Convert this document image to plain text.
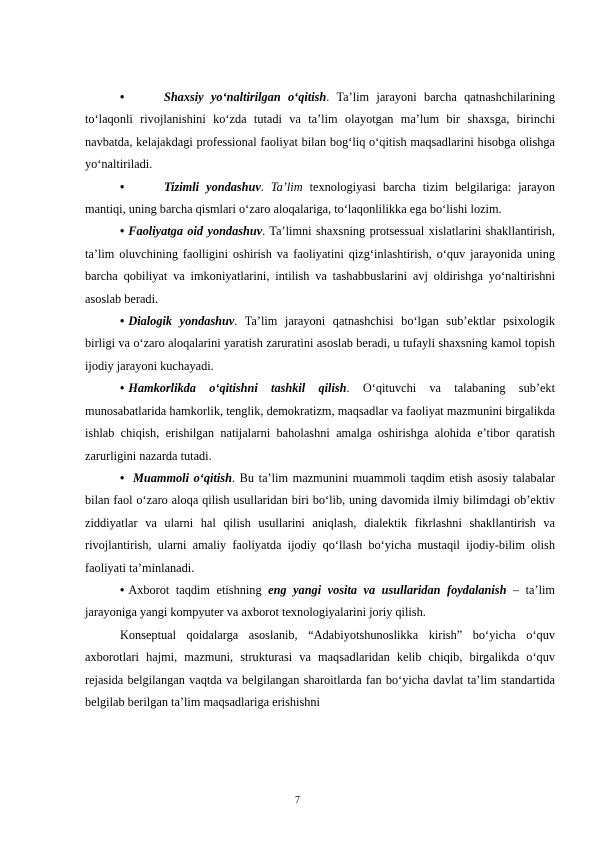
•	Shaxsiy yo‘naltirilgan o‘qitish. Ta’lim jarayoni barcha qatnashchilarining to‘laqonli rivojlanishini ko‘zda tutadi va ta’lim olayotgan ma’lum bir shaxsga, birinchi navbatda, kelajakdagi professional faoliyat bilan bog‘liq o‘qitish maqsadlarini hisobga olishga yo‘naltiriladi.

•	Tizimli yondashuv. Ta’lim texnologiyasi barcha tizim belgilariga: jarayon mantiqi, uning barcha qismlari o‘zaro aloqalariga, to‘laqonlilikka ega bo‘lishi lozim.

• Faoliyatga oid yondashuv. Ta’limni shaxsning protsessual xislatlarini shakllantirish, ta’lim oluvchining faolligini oshirish va faoliyatini qizg‘inlashtirish, o‘quv jarayonida uning barcha qobiliyat va imkoniyatlarini, intilish va tashabbuslarini avj oldirishga yo‘naltirishni asoslab beradi.

• Dialogik yondashuv. Ta’lim jarayoni qatnashchisi bo‘lgan sub’ektlar psixologik birligi va o‘zaro aloqalarini yaratish zaruratini asoslab beradi, u tufayli shaxsning kamol topish ijodiy jarayoni kuchayadi.

• Hamkorlikda o‘qitishni tashkil qilish. O‘qituvchi va talabaning sub’ekt munosabatlarida hamkorlik, tenglik, demokratizm, maqsadlar va faoliyat mazmunini birgalikda ishlab chiqish, erishilgan natijalarni baholashni amalga oshirishga alohida e’tibor qaratish zarurligini nazarda tutadi.

• Muammoli o‘qitish. Bu ta’lim mazmunini muammoli taqdim etish asosiy talabalar bilan faol o‘zaro aloqa qilish usullaridan biri bo‘lib, uning davomida ilmiy bilimdagi ob’ektiv ziddiyatlar va ularni hal qilish usullarini aniqlash, dialektik fikrlashni shakllantirish va rivojlantirish, ularni amaliy faoliyatda ijodiy qo‘llash bo‘yicha mustaqil ijodiy-bilim olish faoliyati ta’minlanadi.

• Axborot taqdim etishning eng yangi vosita va usullaridan foydalanish – ta’lim jarayoniga yangi kompyuter va axborot texnologiyalarini joriy qilish.

Konseptual qoidalarga asoslanib, “Adabiyotshunoslikka kirish” bo‘yicha o‘quv axborotlari hajmi, mazmuni, strukturasi va maqsadlaridan kelib chiqib, birgalikda o‘quv rejasida belgilangan vaqtda va belgilangan sharoitlarda fan bo‘yicha davlat ta’lim standartida belgilab berilgan ta’lim maqsadlariga erishishni

7
